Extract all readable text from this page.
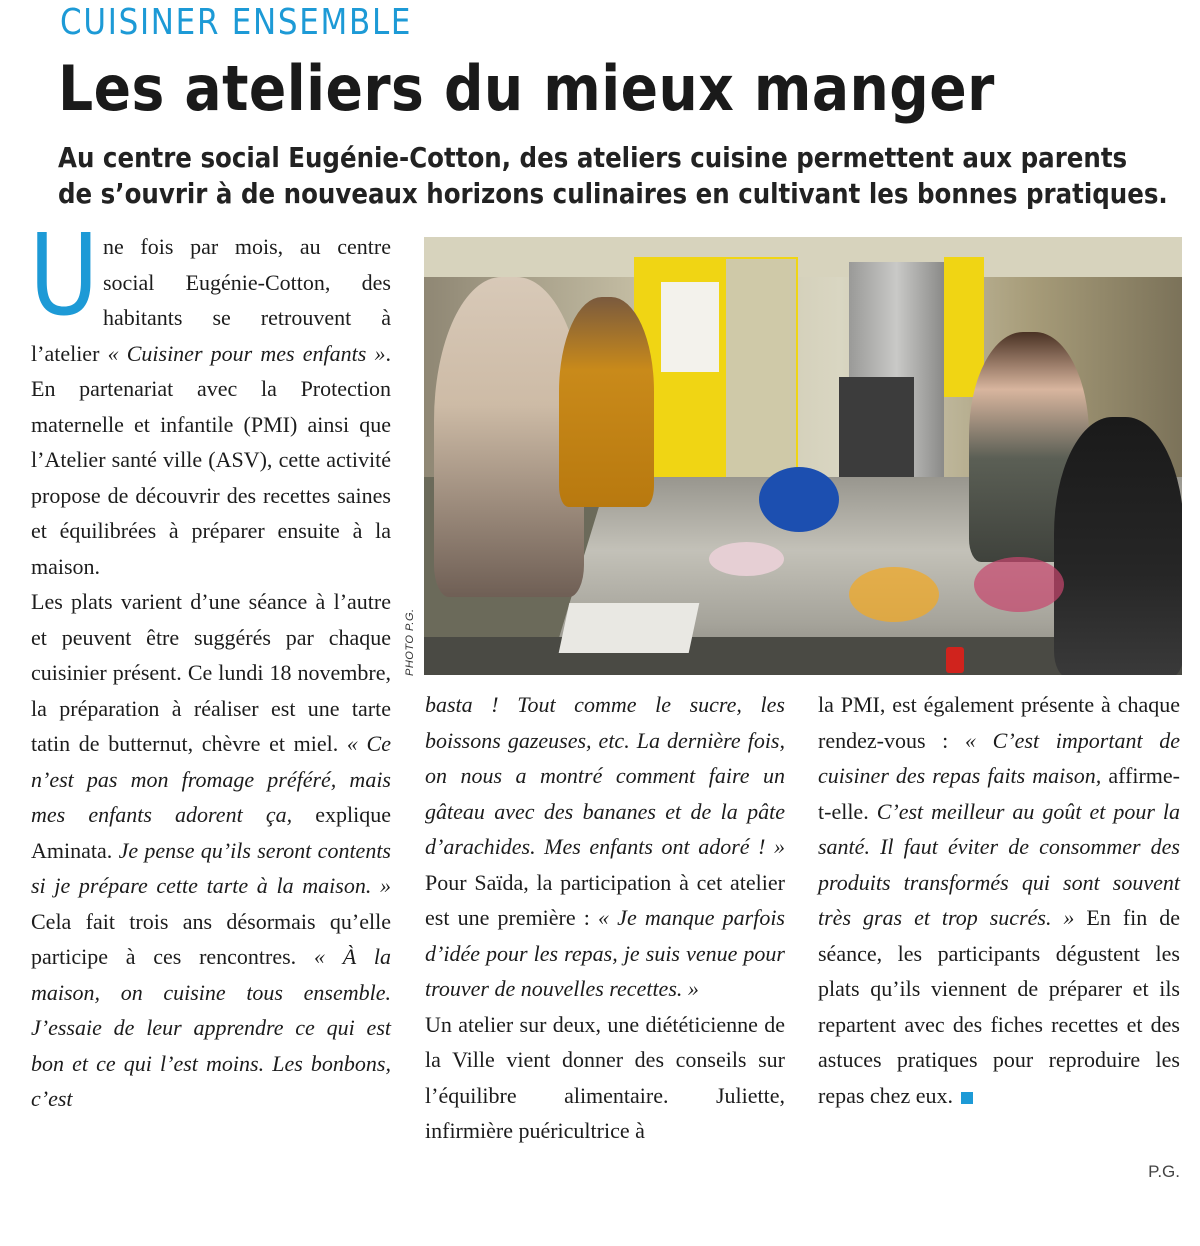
CUISINER ENSEMBLE
Les ateliers du mieux manger
Au centre social Eugénie-Cotton, des ateliers cuisine permettent aux parents
de s’ouvrir à de nouveaux horizons culinaires en cultivant les bonnes pratiques.
PHOTO P.G.

Une fois par mois, au centre social Eugénie-Cotton, des habitants se retrouvent à l’atelier « Cuisiner pour mes enfants ». En partenariat avec la Protection maternelle et infantile (PMI) ainsi que l’Atelier santé ville (ASV), cette activité propose de découvrir des recettes saines et équilibrées à préparer ensuite à la maison.

Les plats varient d’une séance à l’autre et peuvent être suggérés par chaque cuisinier présent. Ce lundi 18 novembre, la préparation à réaliser est une tarte tatin de butternut, chèvre et miel. « Ce n’est pas mon fromage préféré, mais mes enfants adorent ça, explique Aminata. Je pense qu’ils seront contents si je prépare cette tarte à la maison. » Cela fait trois ans désormais qu’elle participe à ces rencontres. « À la maison, on cuisine tous ensemble. J’essaie de leur apprendre ce qui est bon et ce qui l’est moins. Les bonbons, c’est

basta ! Tout comme le sucre, les boissons gazeuses, etc. La dernière fois, on nous a montré comment faire un gâteau avec des bananes et de la pâte d’arachides. Mes enfants ont adoré ! » Pour Saïda, la participation à cet atelier est une première : « Je manque parfois d’idée pour les repas, je suis venue pour trouver de nouvelles recettes. »

Un atelier sur deux, une diététicienne de la Ville vient donner des conseils sur l’équilibre alimentaire. Juliette, infirmière puéricultrice à

la PMI, est également présente à chaque rendez-vous : « C’est important de cuisiner des repas faits maison, affirme-t-elle. C’est meilleur au goût et pour la santé. Il faut éviter de consommer des produits transformés qui sont souvent très gras et trop sucrés. » En fin de séance, les participants dégustent les plats qu’ils viennent de préparer et ils repartent avec des fiches recettes et des astuces pratiques pour reproduire les repas chez eux.

P.G.
